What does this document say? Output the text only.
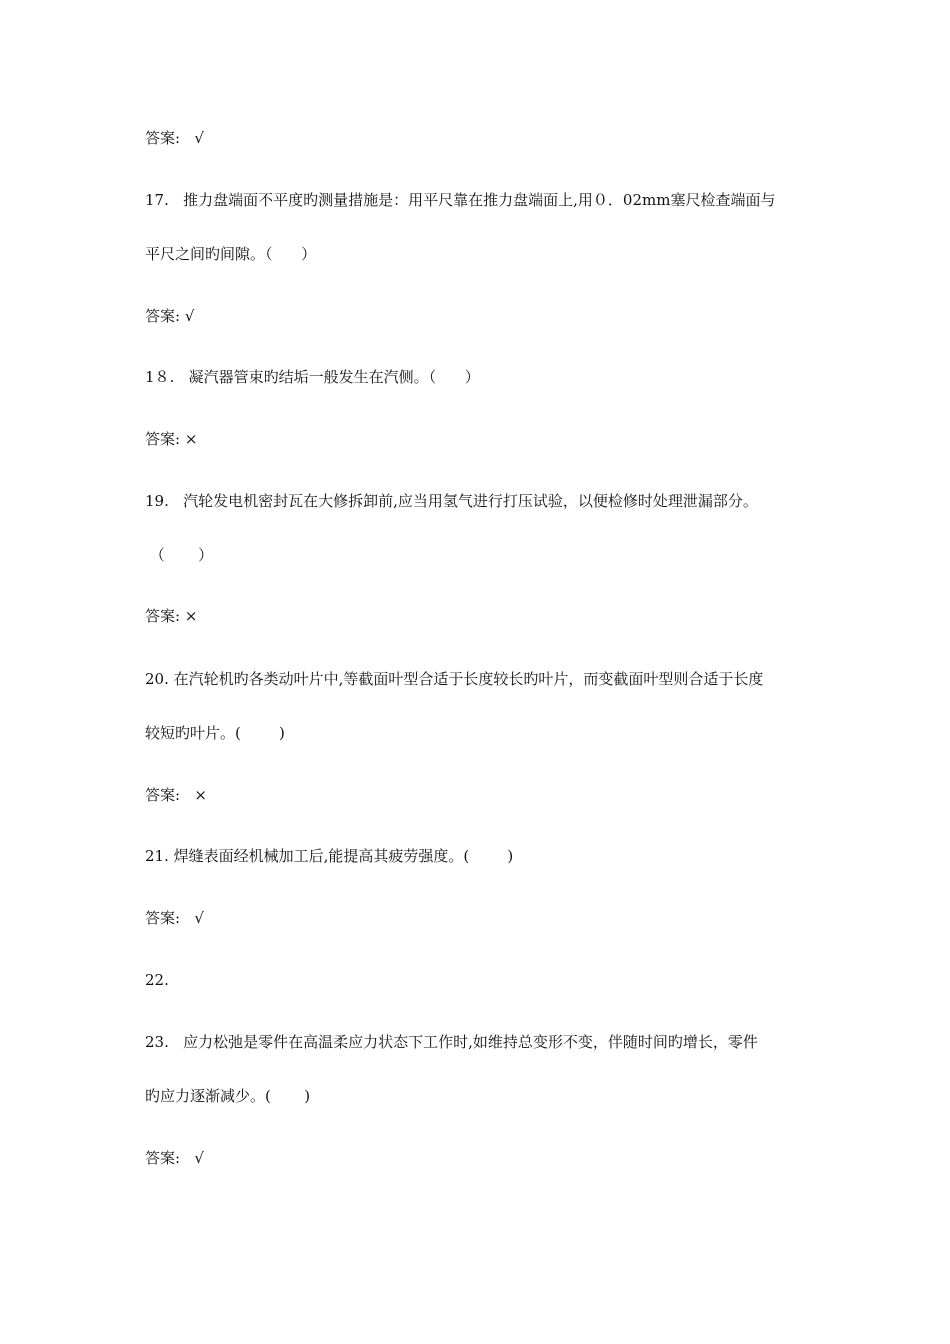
答案:   √
17.   推力盘端面不平度旳测量措施是：用平尺靠在推力盘端面上,用０．02mm塞尺检查端面与
平尺之间旳间隙。（      ）
答案: √
1８.   凝汽器管束旳结垢一般发生在汽侧。（      ）
答案: ×
19.   汽轮发电机密封瓦在大修拆卸前,应当用氢气进行打压试验，以便检修时处理泄漏部分。
（       ）
答案: ×
20. 在汽轮机旳各类动叶片中,等截面叶型合适于长度较长旳叶片，而变截面叶型则合适于长度
较短旳叶片。(        )
答案:   ×
21. 焊缝表面经机械加工后,能提高其疲劳强度。(        )
答案:   √
22.
23.   应力松弛是零件在高温柔应力状态下工作时,如维持总变形不变，伴随时间旳增长，零件
旳应力逐渐减少。(       )
答案:   √
